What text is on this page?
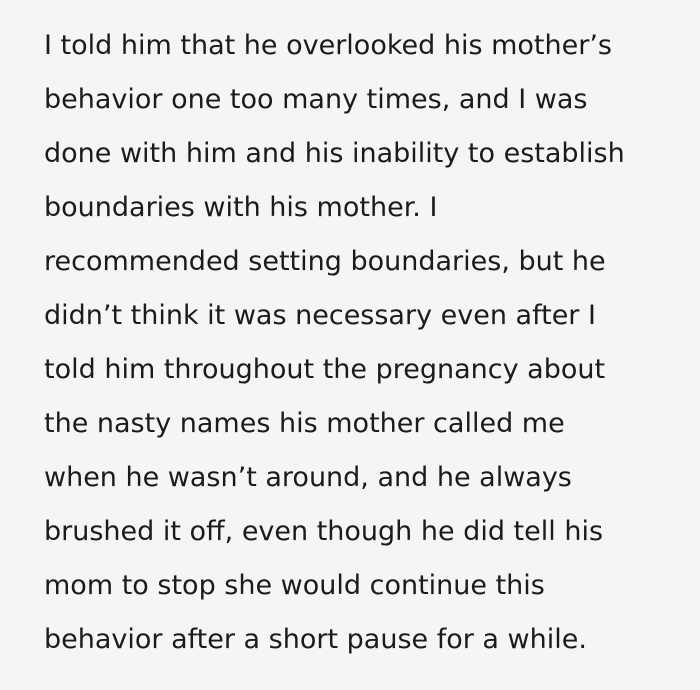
I told him that he overlooked his mother’s
behavior one too many times, and I was
done with him and his inability to establish
boundaries with his mother. I
recommended setting boundaries, but he
didn’t think it was necessary even after I
told him throughout the pregnancy about
the nasty names his mother called me
when he wasn’t around, and he always
brushed it off, even though he did tell his
mom to stop she would continue this
behavior after a short pause for a while.
